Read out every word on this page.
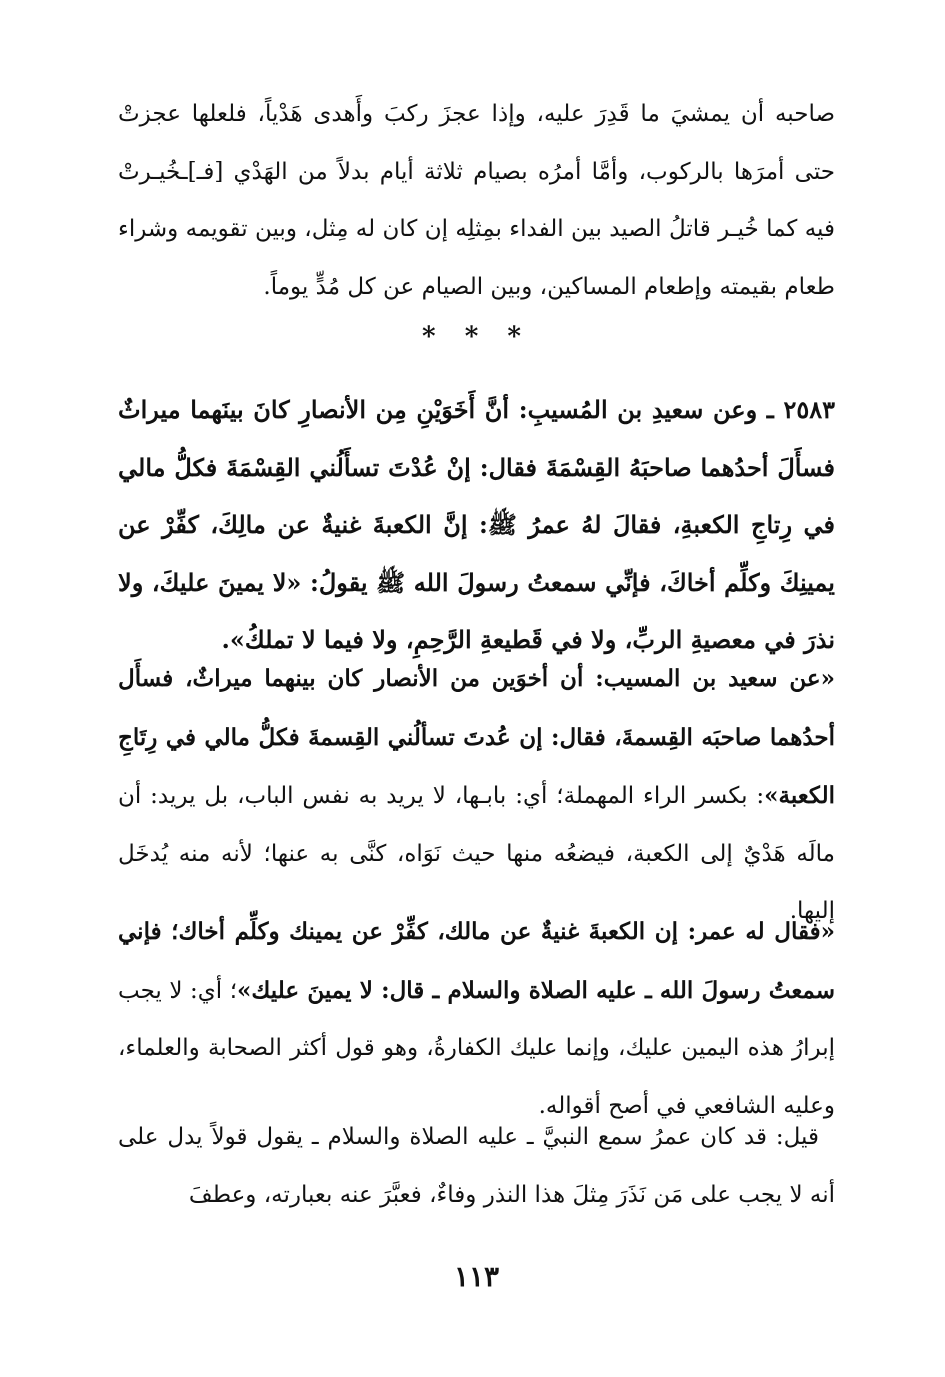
صاحبه أن يمشيَ ما قَدِرَ عليه، وإذا عجزَ ركبَ وأَهدى هَدْياً، فلعلها عجزتْ حتى أمرَها بالركوب، وأمَّا أمرُه بصيام ثلاثة أيام بدلاً من الهَدْي [فـ]ـخُيـرتْ فيه كما خُيـر قاتلُ الصيد بين الفداء بمِثلِه إن كان له مِثل، وبين تقويمه وشراء طعام بقيمته وإطعام المساكين، وبين الصيام عن كل مُدٍّ يوماً.

* * *

٢٥٨٣ ـ وعن سعيدِ بن المُسيبِ: أنَّ أَخَوَيْنِ مِن الأنصارِ كانَ بينَهما ميراثٌ فسأَلَ أحدُهما صاحبَهُ القِسْمَةَ فقال: إنْ عُدْتَ تسأَلُني القِسْمَةَ فكلُّ مالي في رِتاجِ الكعبةِ، فقالَ لهُ عمرُ ﷺ: إنَّ الكعبةَ غنيةٌ عن مالِكَ، كفِّرْ عن يمينِكَ وكلِّم أخاكَ، فإنِّي سمعتُ رسولَ الله ﷺ يقولُ: «لا يمينَ عليكَ، ولا نذرَ في معصيةِ الربِّ، ولا في قَطيعةِ الرَّحِمِ، ولا فيما لا تملكُ».

«عن سعيد بن المسيب: أن أخوَين من الأنصار كان بينهما ميراثٌ، فسأَل أحدُهما صاحبَه القِسمةَ، فقال: إن عُدتَ تسألُني القِسمةَ فكلُّ مالي في رِتَاجِ الكعبة»: بكسر الراء المهملة؛ أي: بابـها، لا يريد به نفس الباب، بل يريد: أن مالَه هَدْيٌ إلى الكعبة، فيضعُه منها حيث نَوَاه، كنَّى به عنها؛ لأنه منه يُدخَل إليها.

«فقال له عمر: إن الكعبةَ غنيةٌ عن مالك، كفِّرْ عن يمينك وكلِّم أخاك؛ فإني سمعتُ رسولَ الله ـ عليه الصلاة والسلام ـ قال: لا يمينَ عليك»؛ أي: لا يجب إبرارُ هذه اليمين عليك، وإنما عليك الكفارةُ، وهو قول أكثر الصحابة والعلماء، وعليه الشافعي في أصح أقواله.

قيل: قد كان عمرُ سمع النبيَّ ـ عليه الصلاة والسلام ـ يقول قولاً يدل على أنه لا يجب على مَن نَذَرَ مِثلَ هذا النذر وفاءٌ، فعبَّرَ عنه بعبارته، وعطفَ

١١٣
